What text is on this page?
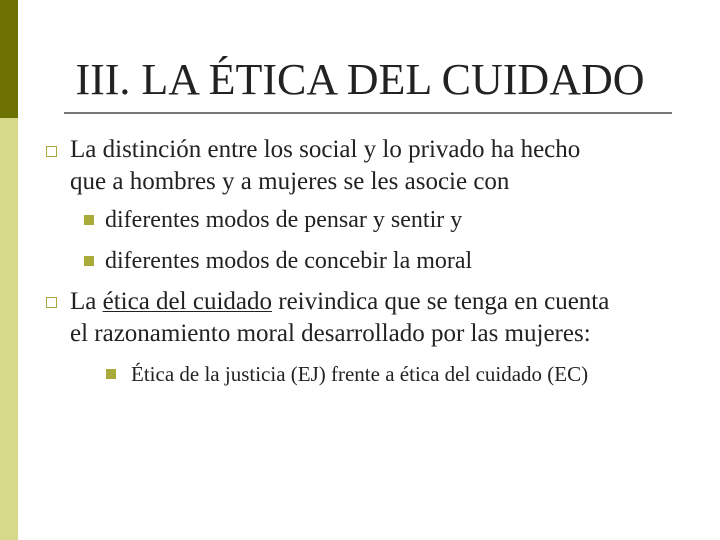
III. LA ÉTICA DEL CUIDADO
La distinción entre los social y lo privado ha hecho
que a hombres y a mujeres se les asocie con
diferentes modos de pensar y sentir y
diferentes modos de concebir la moral
La ética del cuidado reivindica que se tenga en cuenta
el razonamiento moral desarrollado por las mujeres:
Ética de la justicia (EJ) frente a ética del cuidado (EC)
